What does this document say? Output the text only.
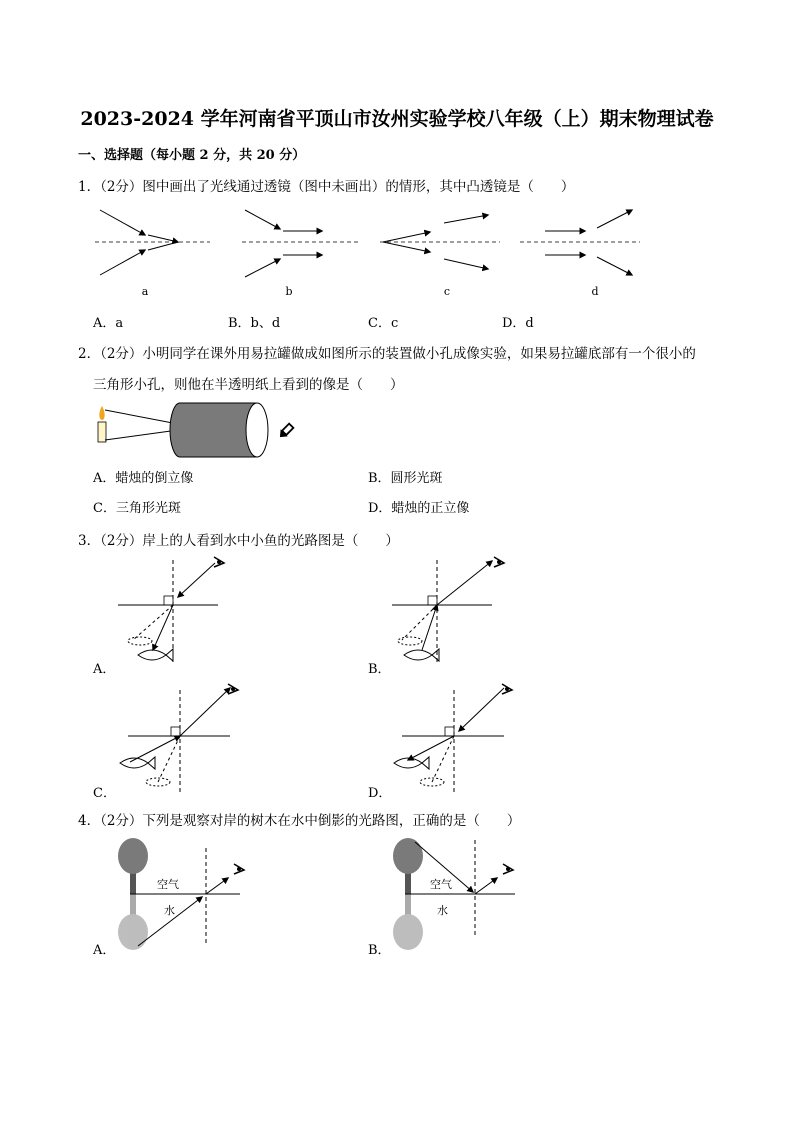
2023-2024 学年河南省平顶山市汝州实验学校八年级（上）期末物理试卷
一、选择题（每小题 2 分，共 20 分）
1．（2分）图中画出了光线通过透镜（图中未画出）的情形，其中凸透镜是（　　）
a	b	c	d
A．a	B．b、d	C．c	D．d
2．（2分）小明同学在课外用易拉罐做成如图所示的装置做小孔成像实验，如果易拉罐底部有一个很小的
三角形小孔，则他在半透明纸上看到的像是（　　）
A．蜡烛的倒立像	B．圆形光斑
C．三角形光斑	D．蜡烛的正立像
3．（2分）岸上的人看到水中小鱼的光路图是（　　）
A．	B．
C．	D．
4．（2分）下列是观察对岸的树木在水中倒影的光路图，正确的是（　　）
空气
水
A．
空气
水
B．
